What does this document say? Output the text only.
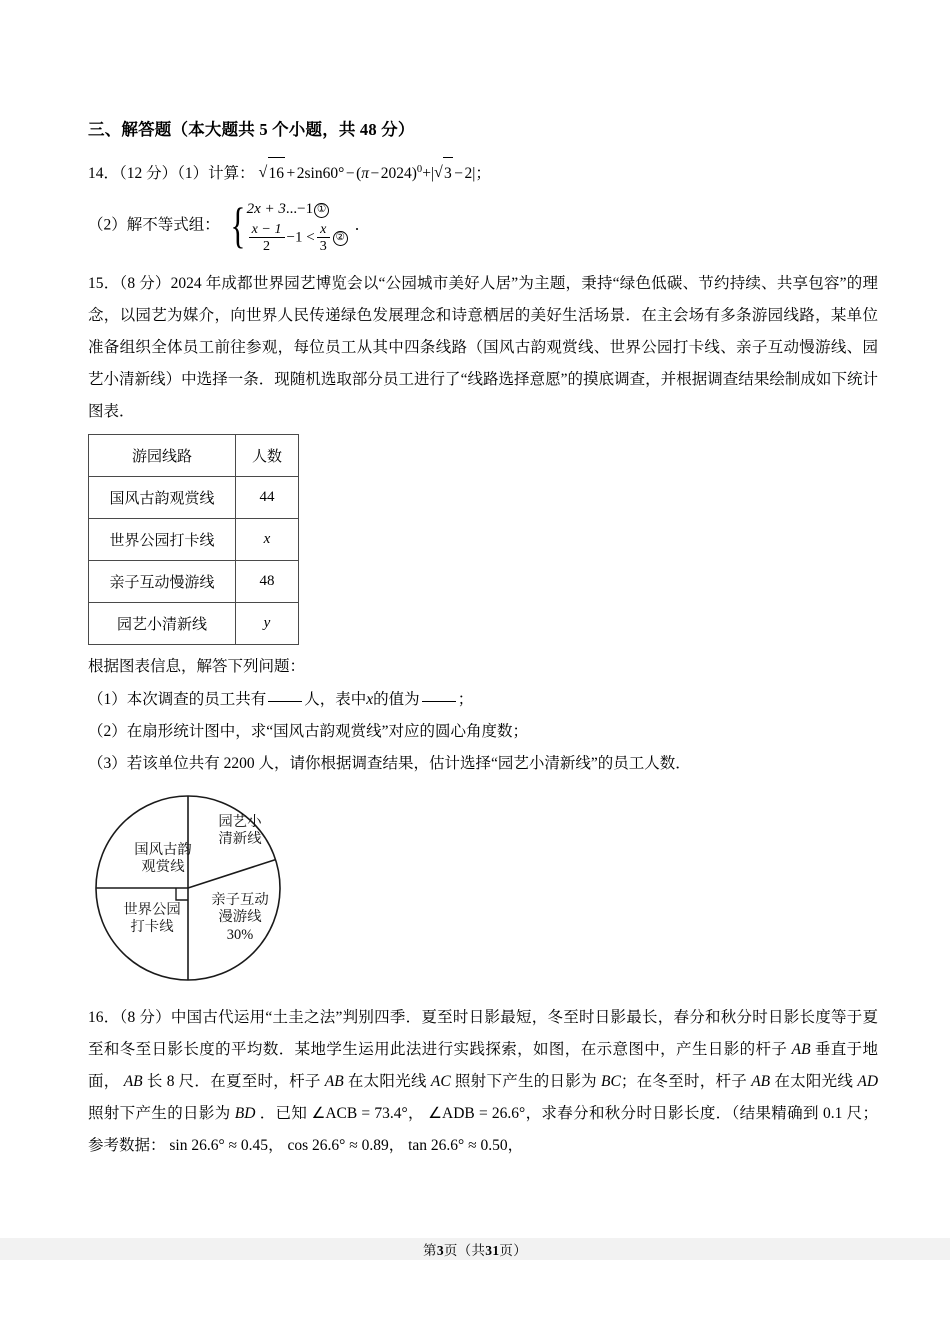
三、解答题（本大题共 5 个小题，共 48 分）
14．（12 分）（1）计算： √ $16 +2\sin 60^\circ-(\pi-2024)^0+|$ √ 3 −2|；
（2）解不等式组： { 2x + 3...−1 ①
$\frac{x - 1}{2} -1 < \frac{x}{3}$ ②
．
15．（8 分）2024 年成都世界园艺博览会以“公园城市美好人居”为主题，秉持“绿色低碳、节约持续、共享包容”的理念，以园艺为媒介，向世界人民传递绿色发展理念和诗意栖居的美好生活场景．在主会场有多条游园线路，某单位准备组织全体员工前往参观，每位员工从其中四条线路（国风古韵观赏线、世界公园打卡线、亲子互动慢游线、园艺小清新线）中选择一条．现随机选取部分员工进行了“线路选择意愿”的摸底调查，并根据调查结果绘制成如下统计图表．
游园线路	人数
国风古韵观赏线	44
世界公园打卡线	x
亲子互动慢游线	48
园艺小清新线	y
根据图表信息，解答下列问题：
（1）本次调查的员工共有 人，表中x的值为 ；
（2）在扇形统计图中，求“国风古韵观赏线”对应的圆心角度数；
（3）若该单位共有 2200 人，请你根据调查结果，估计选择“园艺小清新线”的员工人数．
国风古韵
观赏线
园艺小
清新线
世界公园
打卡线
亲子互动
漫游线
30%
16．（8 分）中国古代运用“土圭之法”判别四季．夏至时日影最短，冬至时日影最长，春分和秋分时日影长度等于夏至和冬至日影长度的平均数．某地学生运用此法进行实践探索，如图，在示意图中，产生日影的杆子 AB 垂直于地面， AB 长 8 尺．在夏至时，杆子 AB 在太阳光线 AC 照射下产生的日影为 BC；在冬至时，杆子 AB 在太阳光线 AD 照射下产生的日影为 BD ．已知 ∠ACB = 73.4°， ∠ADB = 26.6°，求春分和秋分时日影长度．（结果精确到 0.1 尺；参考数据： sin 26.6° ≈ 0.45， cos 26.6° ≈ 0.89， tan 26.6° ≈ 0.50，
第3页（共31页）
